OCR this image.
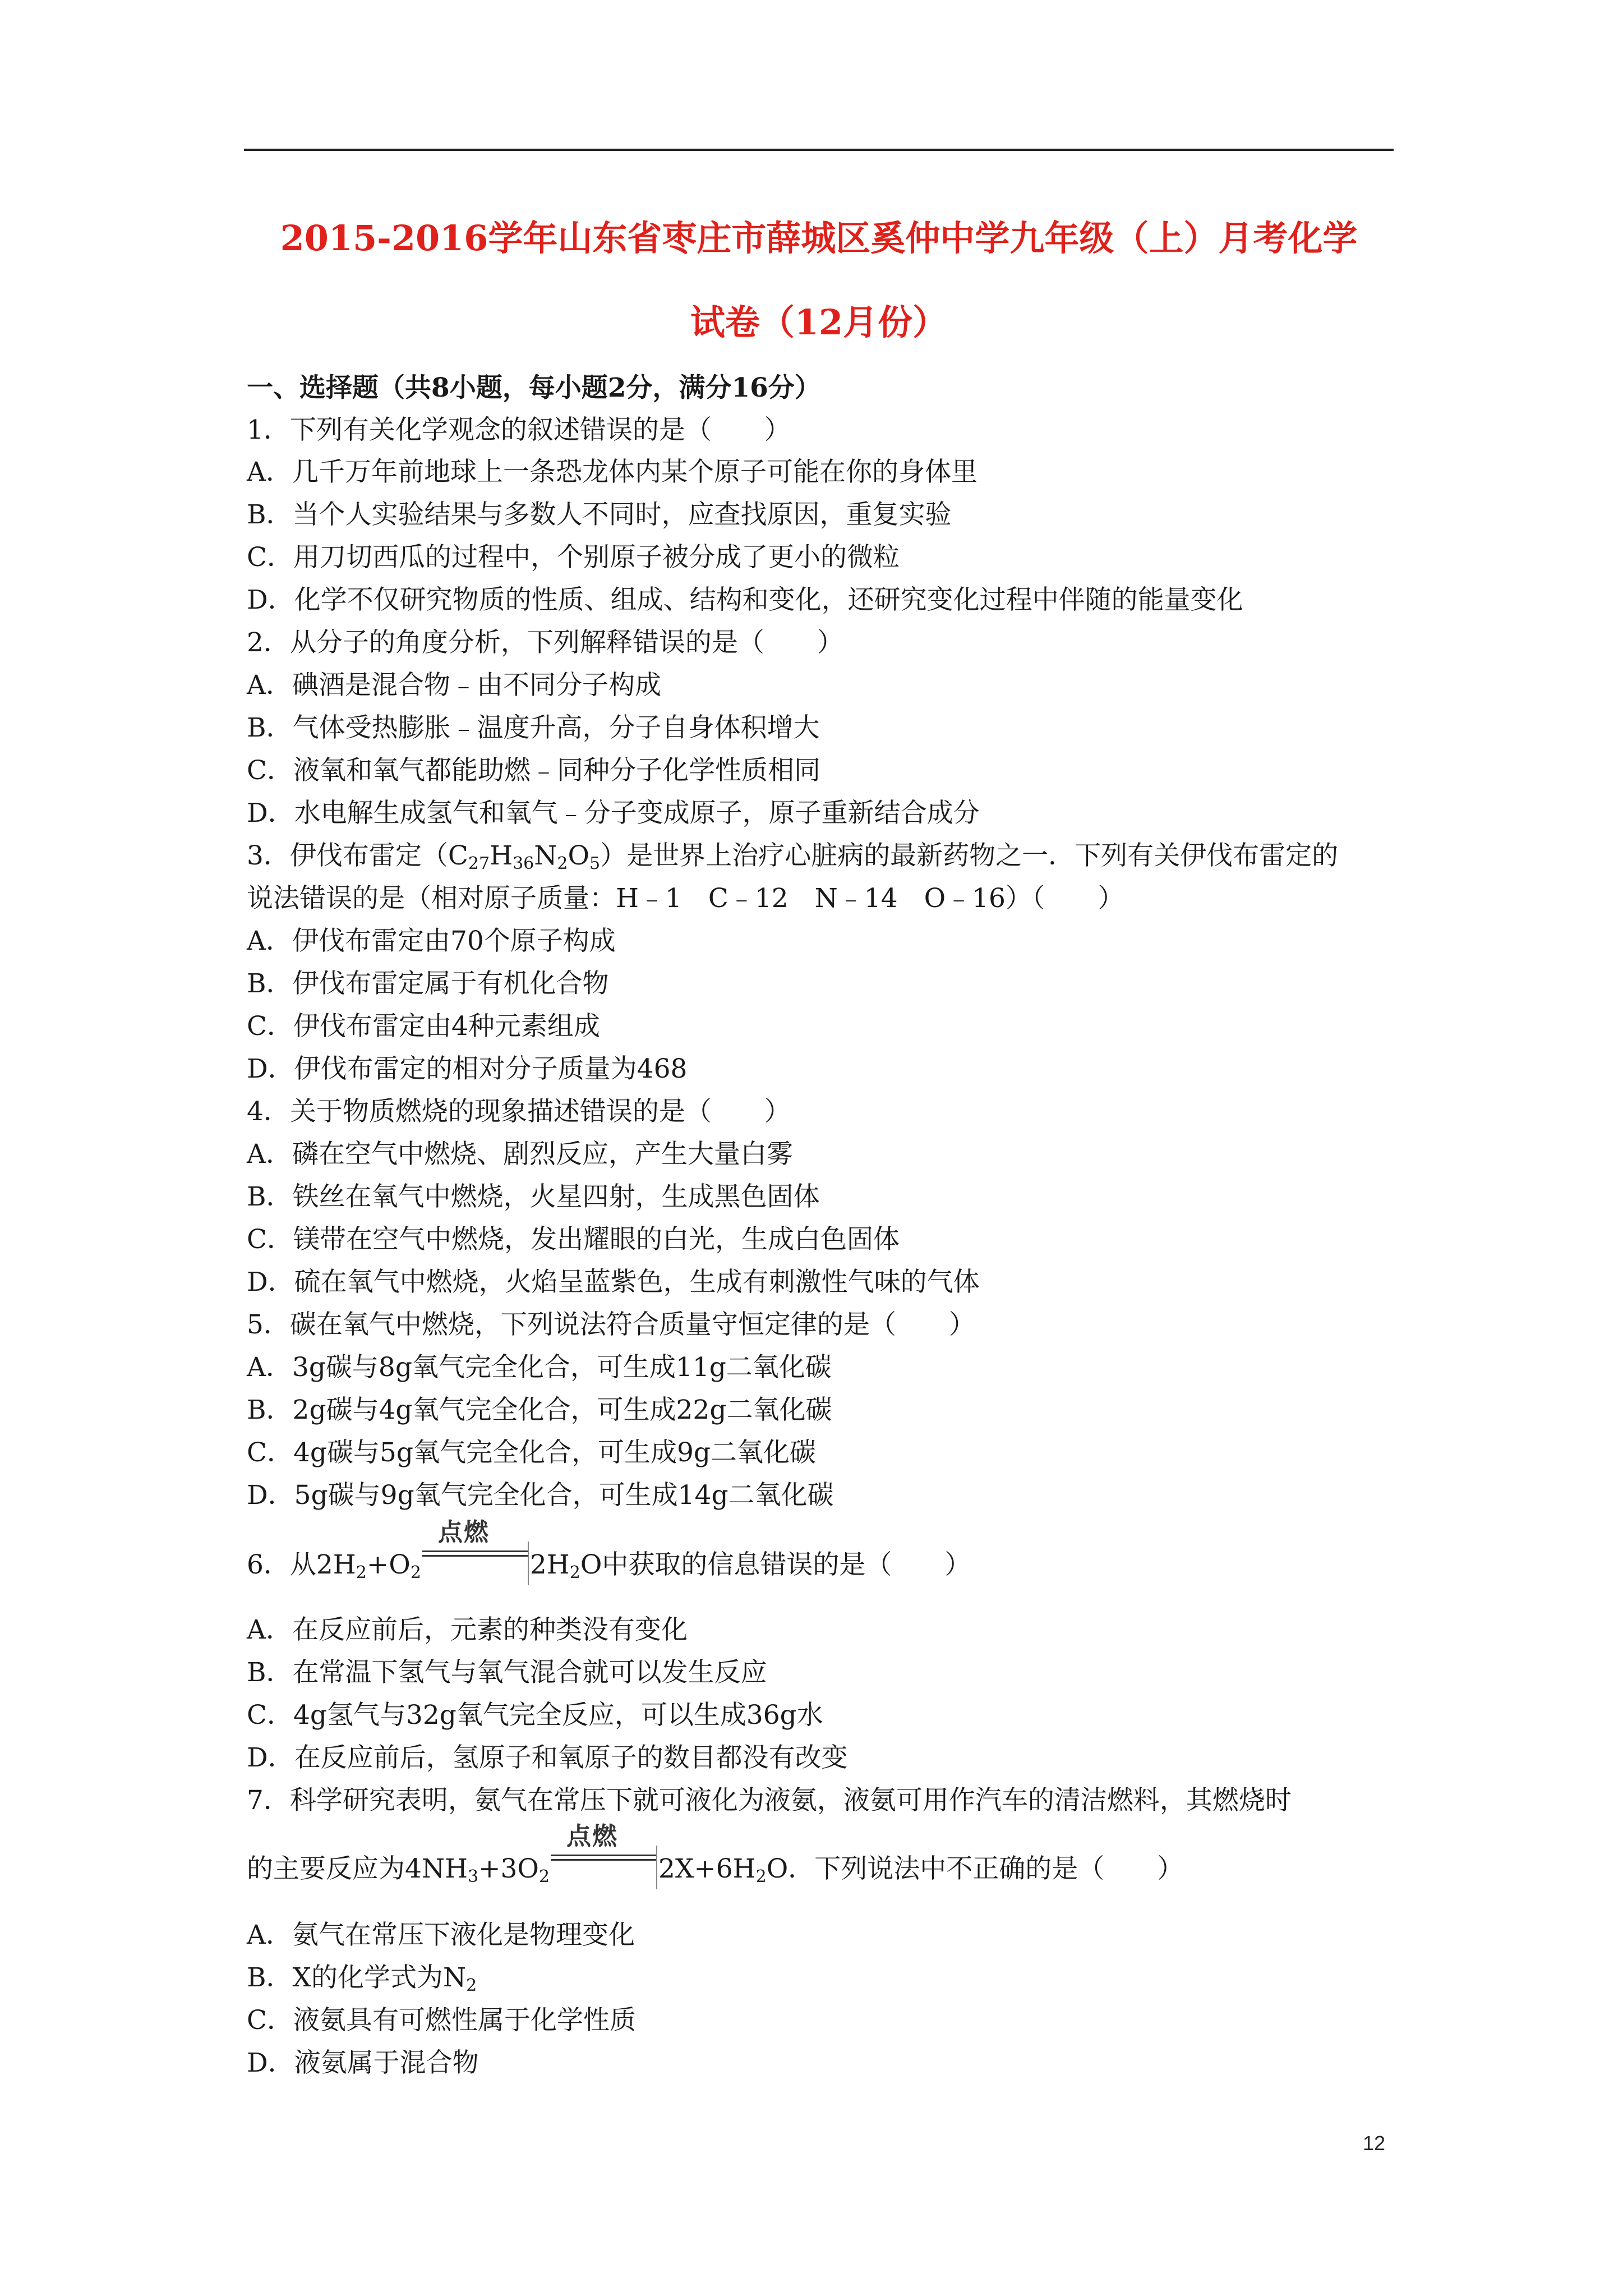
2015-2016学年山东省枣庄市薛城区奚仲中学九年级（上）月考化学
试卷（12月份）
一、选择题（共8小题，每小题2分，满分16分）
1．下列有关化学观念的叙述错误的是（　　）
A．几千万年前地球上一条恐龙体内某个原子可能在你的身体里
B．当个人实验结果与多数人不同时，应查找原因，重复实验
C．用刀切西瓜的过程中，个别原子被分成了更小的微粒
D．化学不仅研究物质的性质、组成、结构和变化，还研究变化过程中伴随的能量变化
2．从分子的角度分析，下列解释错误的是（　　）
A．碘酒是混合物﹣由不同分子构成
B．气体受热膨胀﹣温度升高，分子自身体积增大
C．液氧和氧气都能助燃﹣同种分子化学性质相同
D．水电解生成氢气和氧气﹣分子变成原子，原子重新结合成分
3．伊伐布雷定$(C_{27}H_{36}N_2O_5)$是世界上治疗心脏病的最新药物之一．下列有关伊伐布雷定的
说法错误的是（相对原子质量：H﹣1　C﹣12　N﹣14　O﹣16）（　　）
A．伊伐布雷定由70个原子构成
B．伊伐布雷定属于有机化合物
C．伊伐布雷定由4种元素组成
D．伊伐布雷定的相对分子质量为468
4．关于物质燃烧的现象描述错误的是（　　）
A．磷在空气中燃烧、剧烈反应，产生大量白雾
B．铁丝在氧气中燃烧，火星四射，生成黑色固体
C．镁带在空气中燃烧，发出耀眼的白光，生成白色固体
D．硫在氧气中燃烧，火焰呈蓝紫色，生成有刺激性气味的气体
5．碳在氧气中燃烧，下列说法符合质量守恒定律的是（　　）
A．3g碳与8g氧气完全化合，可生成11g二氧化碳
B．2g碳与4g氧气完全化合，可生成22g二氧化碳
C．4g碳与5g氧气完全化合，可生成9g二氧化碳
D．5g碳与9g氧气完全化合，可生成14g二氧化碳
6．从$2H_2+O_2$
点燃
$2H_2O$中获取的信息错误的是（　　）
A．在反应前后，元素的种类没有变化
B．在常温下氢气与氧气混合就可以发生反应
C．4g氢气与32g氧气完全反应，可以生成36g水
D．在反应前后，氢原子和氧原子的数目都没有改变
7．科学研究表明，氨气在常压下就可液化为液氨，液氨可用作汽车的清洁燃料，其燃烧时
的主要反应为$4NH_3+3O_2$
点燃
$2X+6H_2O$．下列说法中不正确的是（　　）
A．氨气在常压下液化是物理变化
B．X的化学式为$N_2$
C．液氨具有可燃性属于化学性质
D．液氨属于混合物
12
